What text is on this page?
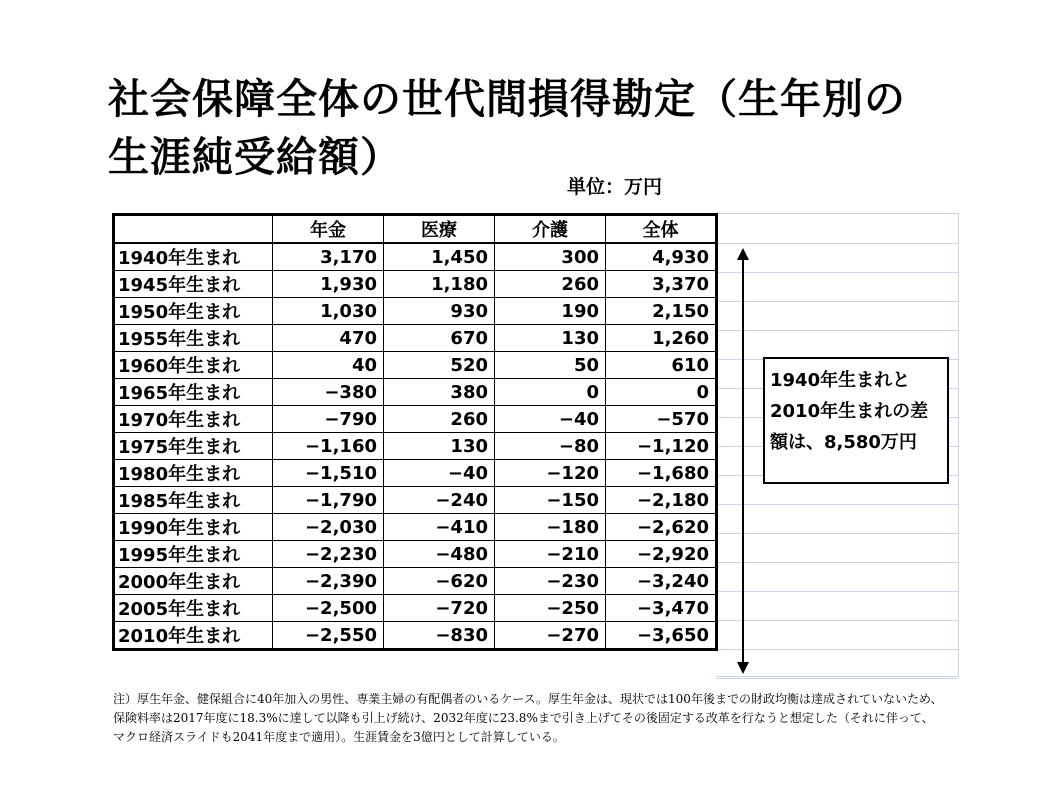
社会保障全体の世代間損得勘定（生年別の
生涯純受給額）
単位：万円
	年金	医療	介護	全体
1940年生まれ	3,170	1,450	300	4,930
1945年生まれ	1,930	1,180	260	3,370
1950年生まれ	1,030	930	190	2,150
1955年生まれ	470	670	130	1,260
1960年生まれ	40	520	50	610
1965年生まれ	−380	380	0	0
1970年生まれ	−790	260	−40	−570
1975年生まれ	−1,160	130	−80	−1,120
1980年生まれ	−1,510	−40	−120	−1,680
1985年生まれ	−1,790	−240	−150	−2,180
1990年生まれ	−2,030	−410	−180	−2,620
1995年生まれ	−2,230	−480	−210	−2,920
2000年生まれ	−2,390	−620	−230	−3,240
2005年生まれ	−2,500	−720	−250	−3,470
2010年生まれ	−2,550	−830	−270	−3,650
1940年生まれと
2010年生まれの差
額は、8,580万円
注）厚生年金、健保組合に40年加入の男性、専業主婦の有配偶者のいるケース。厚生年金は、現状では100年後までの財政均衡は達成されていないため、保険料率は2017年度に18.3%に達して以降も引上げ続け、2032年度に23.8%まで引き上げてその後固定する改革を行なうと想定した（それに伴って、マクロ経済スライドも2041年度まで適用）。生涯賃金を3億円として計算している。
